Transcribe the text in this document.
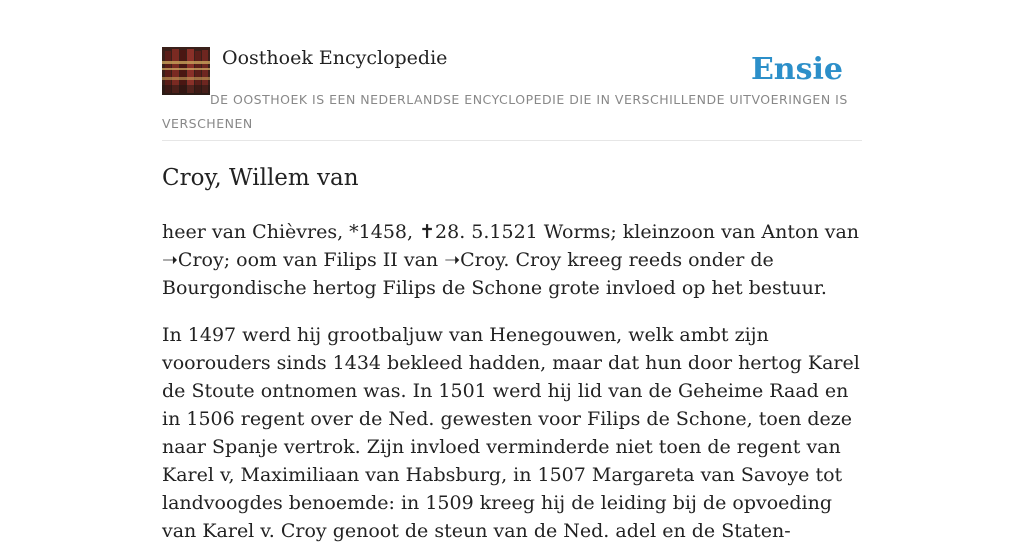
Oosthoek Encyclopedie	Ensie
DE OOSTHOEK IS EEN NEDERLANDSE ENCYCLOPEDIE DIE IN VERSCHILLENDE UITVOERINGEN IS VERSCHENEN
Croy, Willem van

heer van Chièvres, *1458, ✝28. 5.1521 Worms; kleinzoon van Anton van ➝Croy; oom van Filips II van ➝Croy. Croy kreeg reeds onder de Bourgondische hertog Filips de Schone grote invloed op het bestuur.

In 1497 werd hij grootbaljuw van Henegouwen, welk ambt zijn voorouders sinds 1434 bekleed hadden, maar dat hun door hertog Karel de Stoute ontnomen was. In 1501 werd hij lid van de Geheime Raad en in 1506 regent over de Ned. gewesten voor Filips de Schone, toen deze naar Spanje vertrok. Zijn invloed verminderde niet toen de regent van Karel v, Maximiliaan van Habsburg, in 1507 Margareta van Savoye tot landvoogdes benoemde: in 1509 kreeg hij de leiding bij de opvoeding van Karel v. Croy genoot de steun van de Ned. adel en de Staten-
